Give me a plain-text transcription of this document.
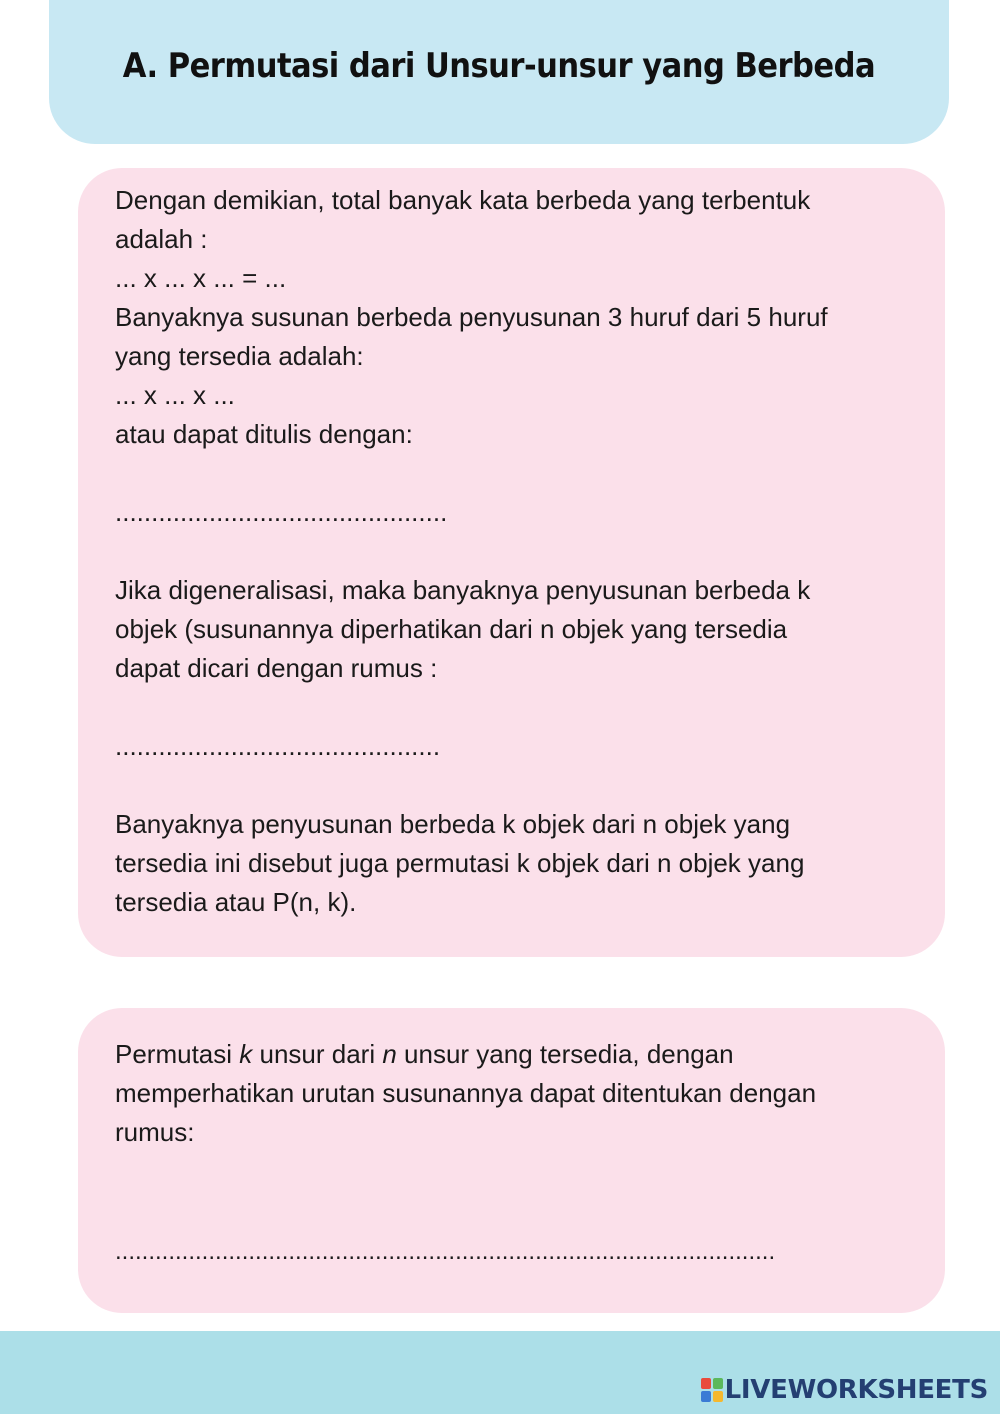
A. Permutasi dari Unsur-unsur yang Berbeda
Dengan demikian, total banyak kata berbeda yang terbentuk
adalah :
... x ... x ... = ...
Banyaknya susunan berbeda penyusunan 3 huruf dari 5 huruf
yang tersedia adalah:
... x ... x ...
atau dapat ditulis dengan:
..............................................
Jika digeneralisasi, maka banyaknya penyusunan berbeda k
objek (susunannya diperhatikan dari n objek yang tersedia
dapat dicari dengan rumus :
.............................................
Banyaknya penyusunan berbeda k objek dari n objek yang
tersedia ini disebut juga permutasi k objek dari n objek yang
tersedia atau P(n, k).
Permutasi k unsur dari n unsur yang tersedia, dengan
memperhatikan urutan susunannya dapat ditentukan dengan
rumus:
...................................................................................................
LIVEWORKSHEETS
